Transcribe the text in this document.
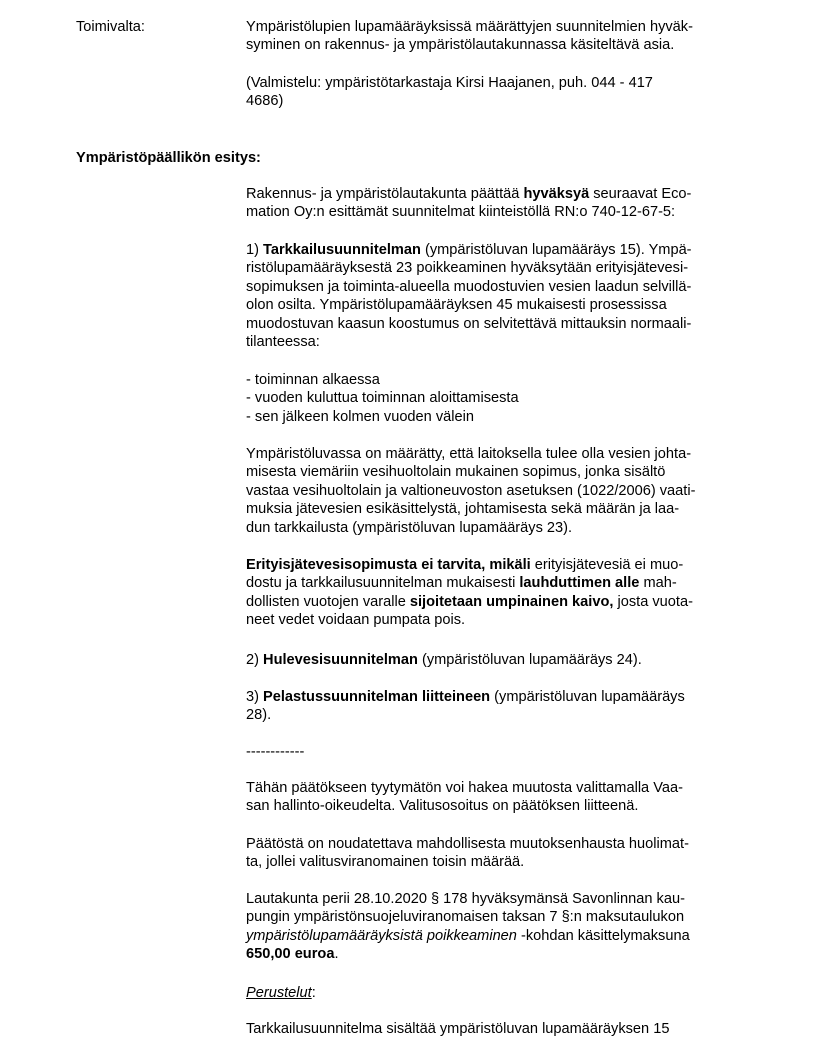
Toimivalta:	Ympäristölupien lupamääräyksissä määrättyjen suunnitelmien hyväk-
syminen on rakennus- ja ympäristölautakunnassa käsiteltävä asia.
(Valmistelu: ympäristötarkastaja Kirsi Haajanen, puh. 044 - 417
4686)
Ympäristöpäällikön esitys:
Rakennus- ja ympäristölautakunta päättää hyväksyä seuraavat Eco-
mation Oy:n esittämät suunnitelmat kiinteistöllä RN:o 740-12-67-5:
1) Tarkkailusuunnitelman (ympäristöluvan lupamääräys 15). Ympä-
ristölupamääräyksestä 23 poikkeaminen hyväksytään erityisjätevesi-
sopimuksen ja toiminta-alueella muodostuvien vesien laadun selvillä-
olon osilta. Ympäristölupamääräyksen 45 mukaisesti prosessissa
muodostuvan kaasun koostumus on selvitettävä mittauksin normaali-
tilanteessa:
- toiminnan alkaessa
- vuoden kuluttua toiminnan aloittamisesta
- sen jälkeen kolmen vuoden välein
Ympäristöluvassa on määrätty, että laitoksella tulee olla vesien johta-
misesta viemäriin vesihuoltolain mukainen sopimus, jonka sisältö
vastaa vesihuoltolain ja valtioneuvoston asetuksen (1022/2006) vaati-
muksia jätevesien esikäsittelystä, johtamisesta sekä määrän ja laa-
dun tarkkailusta (ympäristöluvan lupamääräys 23).
Erityisjätevesisopimusta ei tarvita, mikäli erityisjätevesiä ei muo-
dostu ja tarkkailusuunnitelman mukaisesti lauhduttimen alle mah-
dollisten vuotojen varalle sijoitetaan umpinainen kaivo, josta vuota-
neet vedet voidaan pumpata pois.
2) Hulevesisuunnitelman (ympäristöluvan lupamääräys 24).
3) Pelastussuunnitelman liitteineen (ympäristöluvan lupamääräys
28).
------------
Tähän päätökseen tyytymätön voi hakea muutosta valittamalla Vaa-
san hallinto-oikeudelta. Valitusosoitus on päätöksen liitteenä.
Päätöstä on noudatettava mahdollisesta muutoksenhausta huolimat-
ta, jollei valitusviranomainen toisin määrää.
Lautakunta perii 28.10.2020 § 178 hyväksymänsä Savonlinnan kau-
pungin ympäristönsuojeluviranomaisen taksan 7 §:n maksutaulukon
ympäristölupamääräyksistä poikkeaminen -kohdan käsittelymaksuna
650,00 euroa.
Perustelut:
Tarkkailusuunnitelma sisältää ympäristöluvan lupamääräyksen 15
